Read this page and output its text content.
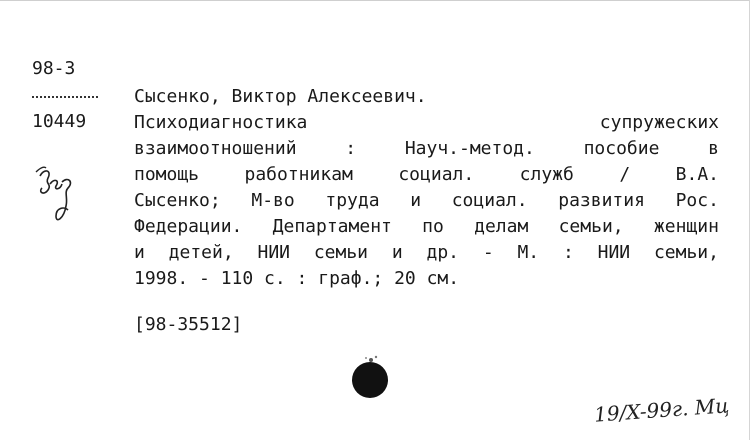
98-3
10449
Сысенко, Виктор Алексеевич.
Психодиагностика	супружеских
взаимоотношений	:	Науч.-метод.	пособие	в
помощь	работникам	социал.	служб	/	В.А.
Сысенко; М-во труда и социал. развития Рос.
Федерации. Департамент по делам семьи, женщин
и детей, НИИ семьи и др. - М. : НИИ семьи,
1998. - 110 с. : граф.; 20 см.
[98-35512]
19/X-99г. Мц
